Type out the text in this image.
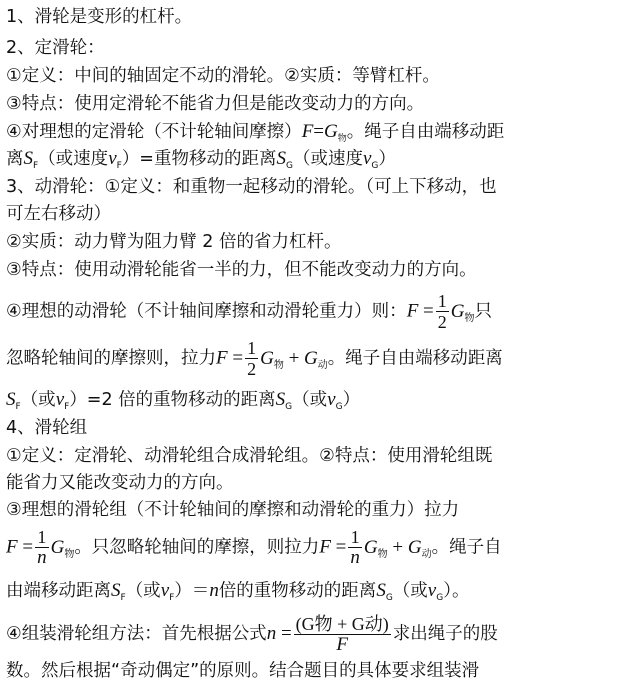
1、滑轮是变形的杠杆。
2、定滑轮：
①定义：中间的轴固定不动的滑轮。②实质：等臂杠杆。
③特点：使用定滑轮不能省力但是能改变动力的方向。
④对理想的定滑轮（不计轮轴间摩擦）$F=G_物$。绳子自由端移动距
离$S_F$（或速度$v_F)=$重物移动的距离$S_G$（或速度$v_G$）
3、动滑轮：①定义：和重物一起移动的滑轮。（可上下移动，也
可左右移动）
②实质：动力臂为阻力臂 2 倍的省力杠杆。
③特点：使用动滑轮能省一半的力，但不能改变动力的方向。
④理想的动滑轮（不计轴间摩擦和动滑轮重力）则：$F = \frac{1}{2} G_物$只
忽略轮轴间的摩擦则，拉力$F = \frac{1}{2} G_物 + G_动$。绳子自由端移动距离
$S_F$（或$v_F)=2$ 倍的重物移动的距离$S_G$（或$v_G$）
4、滑轮组
①定义：定滑轮、动滑轮组合成滑轮组。②特点：使用滑轮组既
能省力又能改变动力的方向。
③理想的滑轮组（不计轮轴间的摩擦和动滑轮的重力）拉力
$F = \frac{1}{n} G_物$。只忽略轮轴间的摩擦，则拉力$F = \frac{1}{n} G_物 + G_动$。绳子自
由端移动距离$S_F$（或$v_F)=n$倍的重物移动的距离$S_G$（或$v_G$）。
④组装滑轮组方法：首先根据公式$n = \frac{\text{(G物 + G动)}}{F}$ 求出绳子的股
数。然后根据“奇动偶定”的原则。结合题目的具体要求组装滑
